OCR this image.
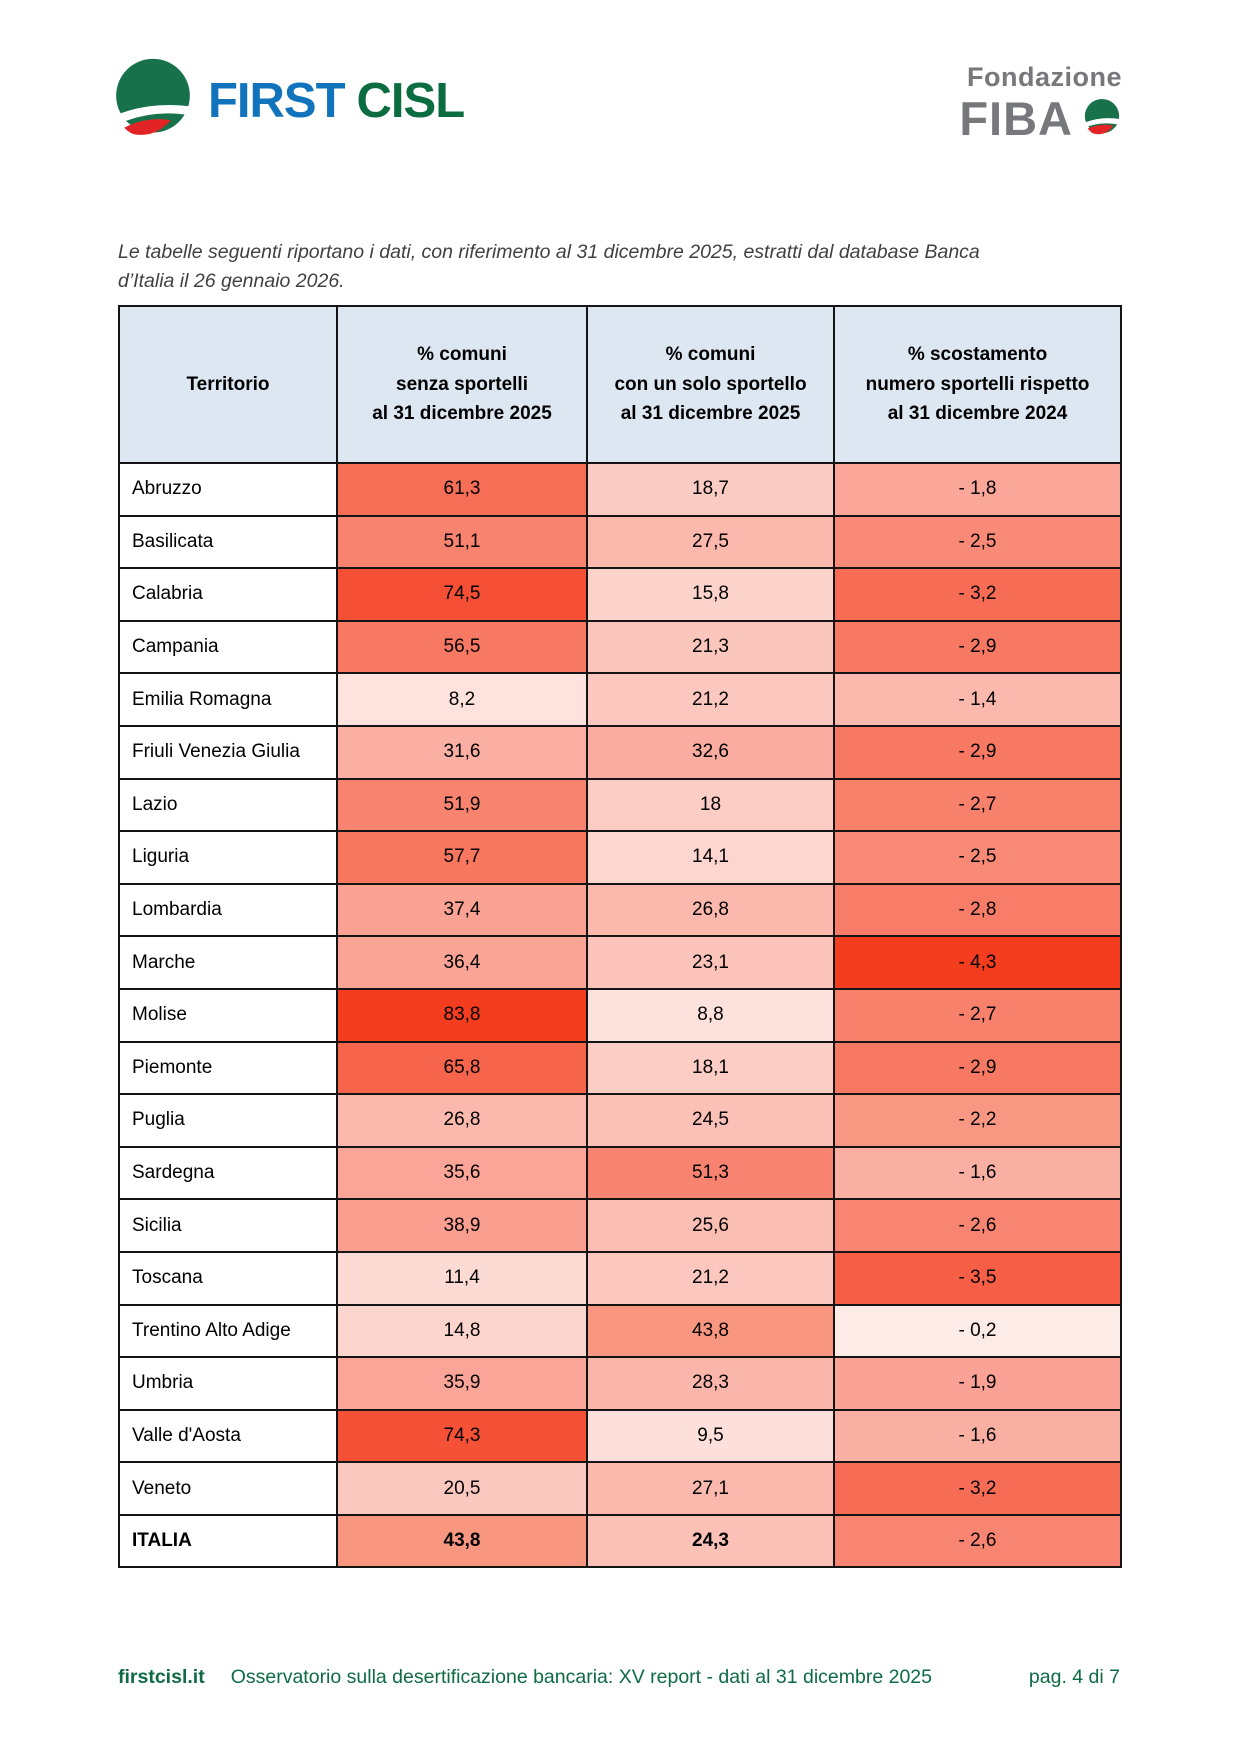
FIRST CISL	Fondazione
FIBA

Le tabelle seguenti riportano i dati, con riferimento al 31 dicembre 2025, estratti dal database Banca d’Italia il 26 gennaio 2026.

Territorio

% comuni
senza sportelli
al 31 dicembre 2025

% comuni
con un solo sportello
al 31 dicembre 2025

% scostamento
numero sportelli rispetto
al 31 dicembre 2024

Abruzzo	61,3	18,7	- 1,8
Basilicata	51,1	27,5	- 2,5
Calabria	74,5	15,8	- 3,2
Campania	56,5	21,3	- 2,9
Emilia Romagna	8,2	21,2	- 1,4
Friuli Venezia Giulia	31,6	32,6	- 2,9
Lazio	51,9	18	- 2,7
Liguria	57,7	14,1	- 2,5
Lombardia	37,4	26,8	- 2,8
Marche	36,4	23,1	- 4,3
Molise	83,8	8,8	- 2,7
Piemonte	65,8	18,1	- 2,9
Puglia	26,8	24,5	- 2,2
Sardegna	35,6	51,3	- 1,6
Sicilia	38,9	25,6	- 2,6
Toscana	11,4	21,2	- 3,5
Trentino Alto Adige	14,8	43,8	- 0,2
Umbria	35,9	28,3	- 1,9
Valle d'Aosta	74,3	9,5	- 1,6
Veneto	20,5	27,1	- 3,2
ITALIA	43,8	24,3	- 2,6
firstcisl.it Osservatorio sulla desertificazione bancaria: XV report - dati al 31 dicembre 2025	pag. 4 di 7
